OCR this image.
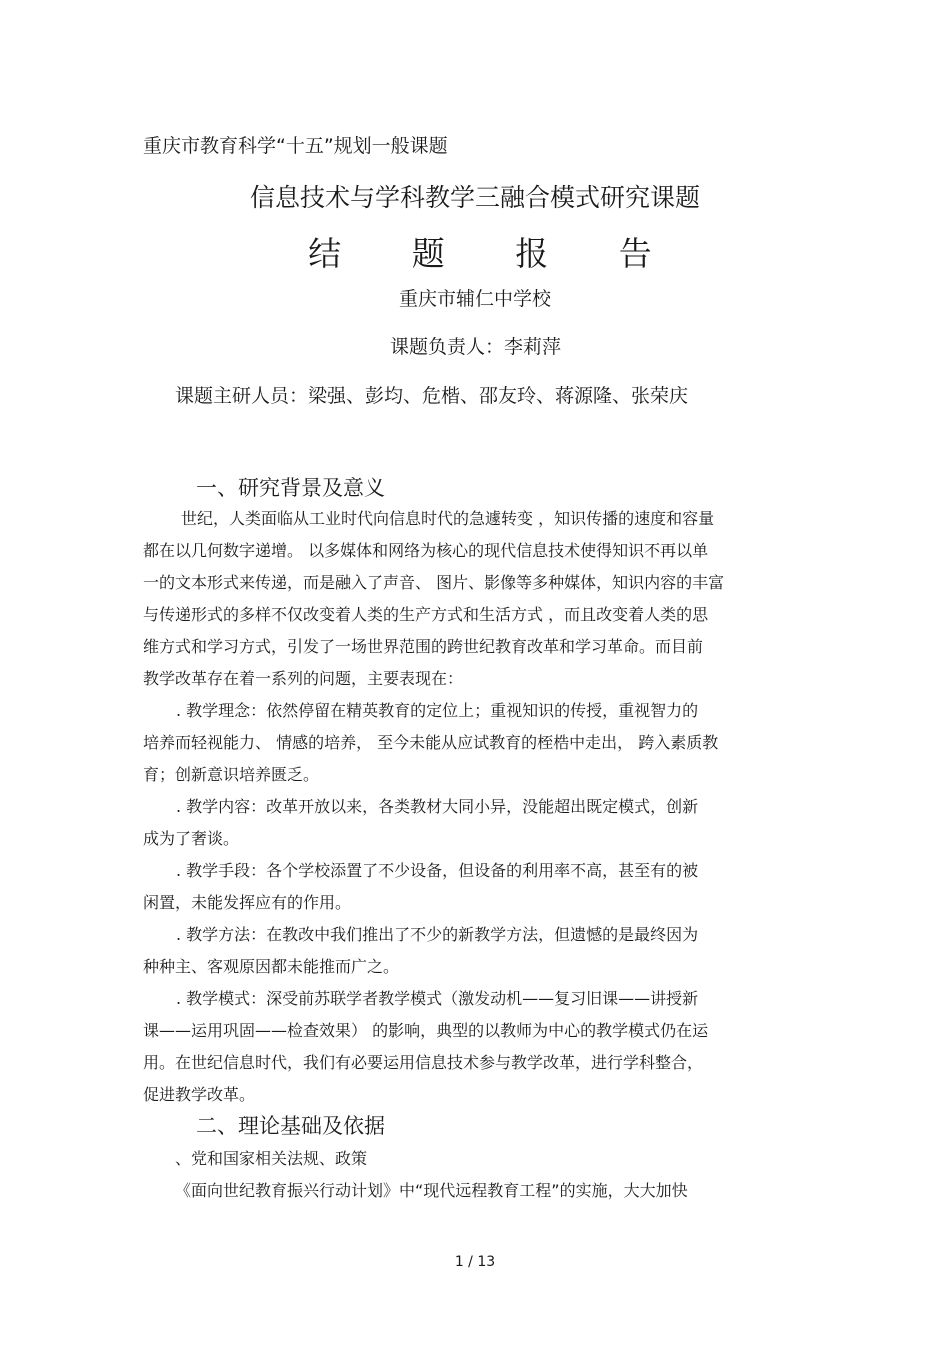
重庆市教育科学“十五”规划一般课题
信息技术与学科教学三融合模式研究课题
结 题 报 告
重庆市辅仁中学校
课题负责人：李莉萍
课题主研人员：梁强、彭均、危楷、邵友玲、蒋源隆、张荣庆
一、研究背景及意义
世纪，人类面临从工业时代向信息时代的急遽转变 ，知识传播的速度和容量
都在以几何数字递增。 以多媒体和网络为核心的现代信息技术使得知识不再以单
一的文本形式来传递，而是融入了声音、 图片、影像等多种媒体，知识内容的丰富
与传递形式的多样不仅改变着人类的生产方式和生活方式 ，而且改变着人类的思
维方式和学习方式，引发了一场世界范围的跨世纪教育改革和学习革命。而目前
教学改革存在着一系列的问题，主要表现在：
. 教学理念：依然停留在精英教育的定位上；重视知识的传授，重视智力的
培养而轻视能力、 情感的培养， 至今未能从应试教育的桎梏中走出， 跨入素质教
育；创新意识培养匮乏。
. 教学内容：改革开放以来，各类教材大同小异，没能超出既定模式，创新
成为了奢谈。
. 教学手段：各个学校添置了不少设备，但设备的利用率不高，甚至有的被
闲置，未能发挥应有的作用。
. 教学方法：在教改中我们推出了不少的新教学方法，但遗憾的是最终因为
种种主、客观原因都未能推而广之。
. 教学模式：深受前苏联学者教学模式（激发动机——复习旧课——讲授新
课——运用巩固——检查效果） 的影响，典型的以教师为中心的教学模式仍在运
用。在世纪信息时代，我们有必要运用信息技术参与教学改革，进行学科整合，
促进教学改革。
二、理论基础及依据
、党和国家相关法规、政策
《面向世纪教育振兴行动计划》中“现代远程教育工程”的实施，大大加快
1 / 13
